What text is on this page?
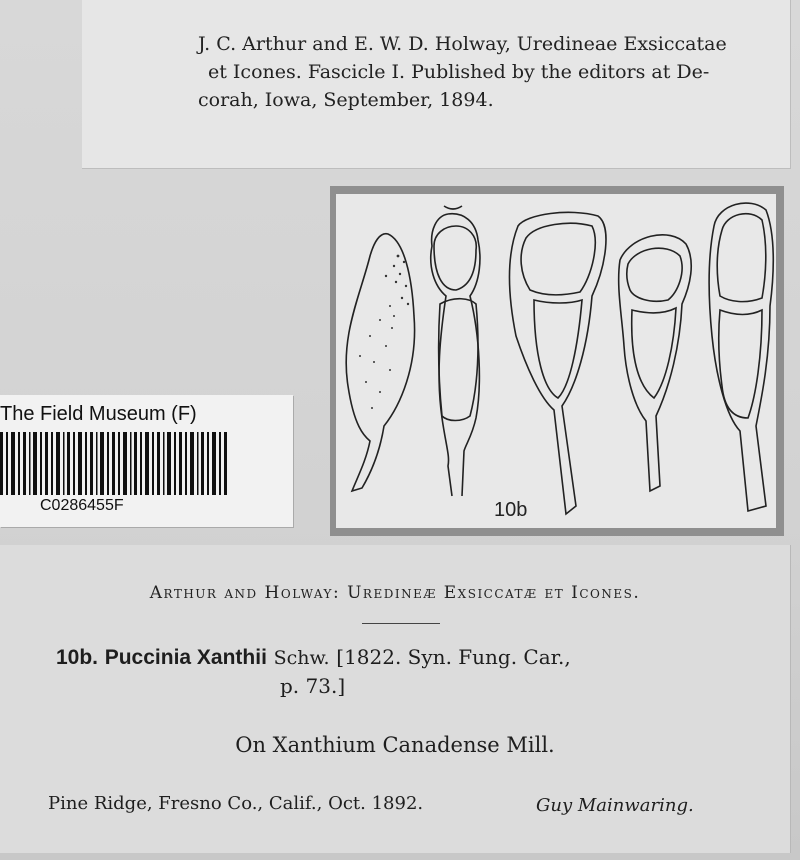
J. C. Arthur and E. W. D. Holway, Uredineae Exsiccatae

et Icones. Fascicle I. Published by the editors at De-

corah, Iowa, September, 1894.

10b
The Field Museum (F)
C0286455F
Arthur and Holway: Uredineæ Exsiccatæ et Icones.
10b. Puccinia Xanthii Schw. [1822. Syn. Fung. Car.,
p. 73.]
On Xanthium Canadense Mill.
Pine Ridge, Fresno Co., Calif., Oct. 1892.	Guy Mainwaring.
